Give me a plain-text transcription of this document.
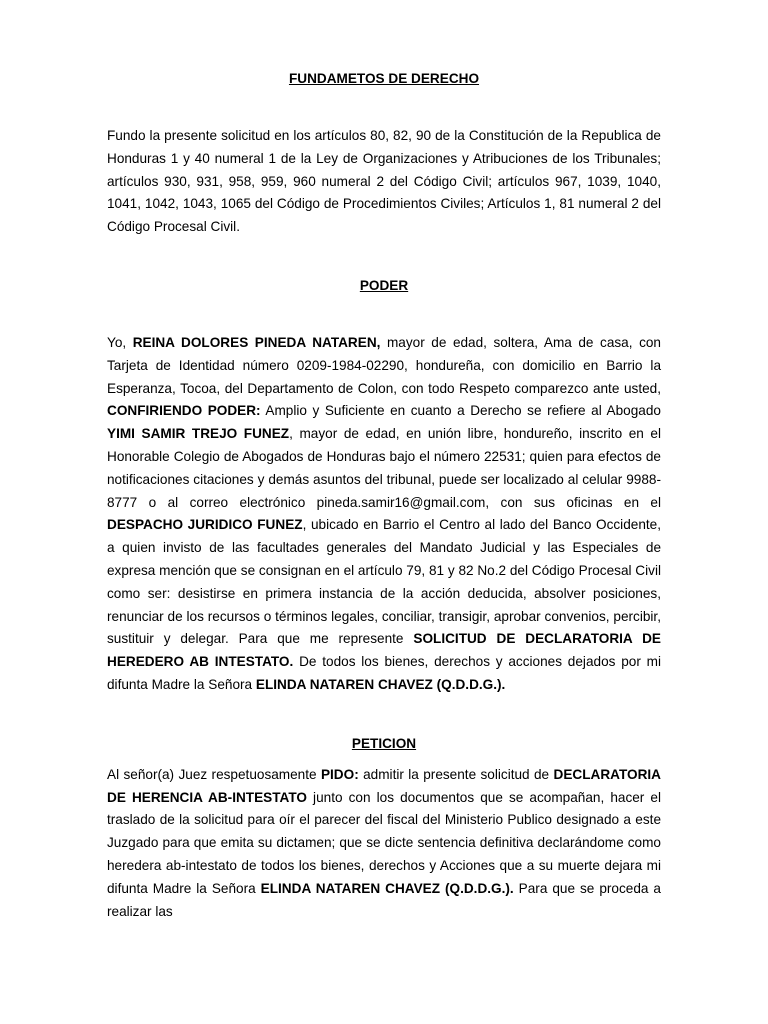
FUNDAMETOS DE DERECHO

Fundo la presente solicitud en los artículos 80, 82, 90 de la Constitución de la Republica de Honduras 1 y 40 numeral 1 de la Ley de Organizaciones y Atribuciones de los Tribunales; artículos 930, 931, 958, 959, 960 numeral 2 del Código Civil; artículos 967, 1039, 1040, 1041, 1042, 1043, 1065 del Código de Procedimientos Civiles; Artículos 1, 81 numeral 2 del Código Procesal Civil.

PODER

Yo, REINA DOLORES PINEDA NATAREN, mayor de edad, soltera, Ama de casa, con Tarjeta de Identidad número 0209-1984-02290, hondureña, con domicilio en Barrio la Esperanza, Tocoa, del Departamento de Colon, con todo Respeto comparezco ante usted, CONFIRIENDO PODER: Amplio y Suficiente en cuanto a Derecho se refiere al Abogado YIMI SAMIR TREJO FUNEZ, mayor de edad, en unión libre, hondureño, inscrito en el Honorable Colegio de Abogados de Honduras bajo el número 22531; quien para efectos de notificaciones citaciones y demás asuntos del tribunal, puede ser localizado al celular 9988-8777 o al correo electrónico pineda.samir16@gmail.com, con sus oficinas en el DESPACHO JURIDICO FUNEZ, ubicado en Barrio el Centro al lado del Banco Occidente, a quien invisto de las facultades generales del Mandato Judicial y las Especiales de expresa mención que se consignan en el artículo 79, 81 y 82 No.2 del Código Procesal Civil como ser: desistirse en primera instancia de la acción deducida, absolver posiciones, renunciar de los recursos o términos legales, conciliar, transigir, aprobar convenios, percibir, sustituir y delegar. Para que me represente SOLICITUD DE DECLARATORIA DE HEREDERO AB INTESTATO. De todos los bienes, derechos y acciones dejados por mi difunta Madre la Señora ELINDA NATAREN CHAVEZ (Q.D.D.G.).

PETICION

Al señor(a) Juez respetuosamente PIDO: admitir la presente solicitud de DECLARATORIA DE HERENCIA AB-INTESTATO junto con los documentos que se acompañan, hacer el traslado de la solicitud para oír el parecer del fiscal del Ministerio Publico designado a este Juzgado para que emita su dictamen; que se dicte sentencia definitiva declarándome como heredera ab-intestato de todos los bienes, derechos y Acciones que a su muerte dejara mi difunta Madre la Señora ELINDA NATAREN CHAVEZ (Q.D.D.G.). Para que se proceda a realizar las
